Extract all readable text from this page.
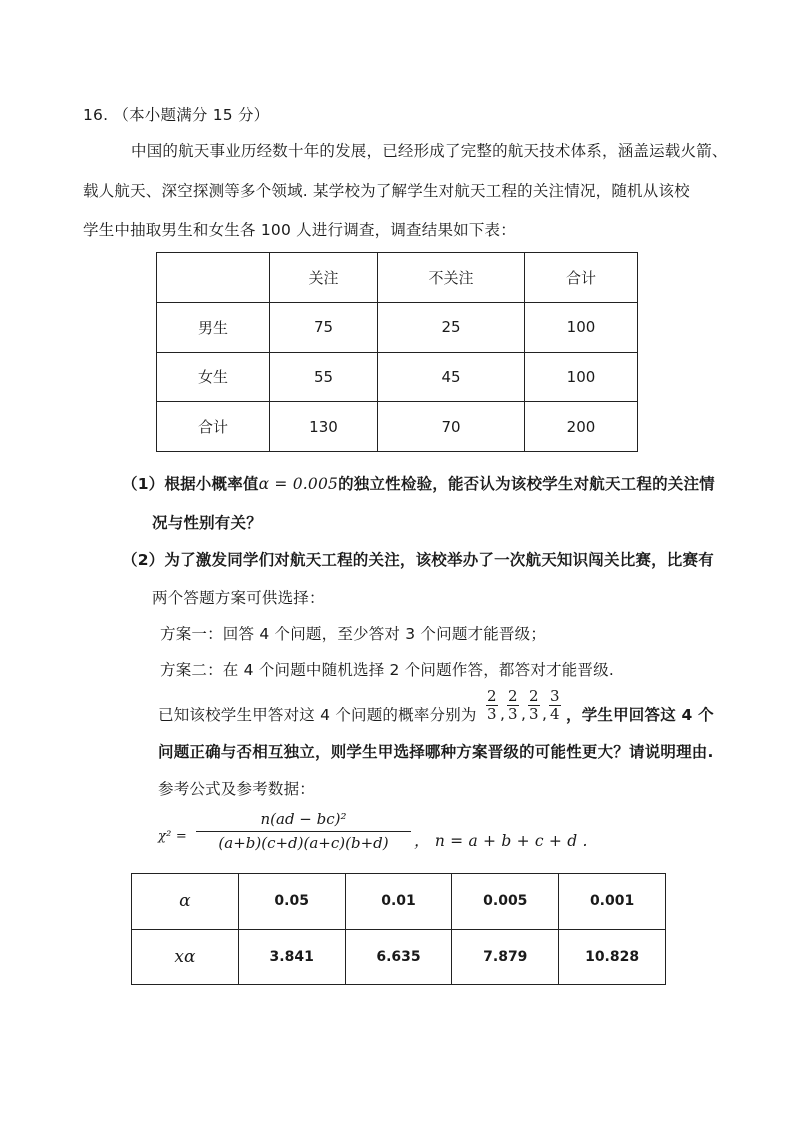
16. （本小题满分 15 分）
中国的航天事业历经数十年的发展，已经形成了完整的航天技术体系，涵盖运载火箭、
载人航天、深空探测等多个领域. 某学校为了解学生对航天工程的关注情况，随机从该校
学生中抽取男生和女生各 100 人进行调查，调查结果如下表：
	关注	不关注	合计
男生	75	25	100
女生	55	45	100
合计	130	70	200
（1）根据小概率值α = 0.005的独立性检验，能否认为该校学生对航天工程的关注情
况与性别有关？
（2）为了激发同学们对航天工程的关注，该校举办了一次航天知识闯关比赛，比赛有
两个答题方案可供选择：
方案一：回答 4 个问题，至少答对 3 个问题才能晋级；
方案二：在 4 个问题中随机选择 2 个问题作答，都答对才能晋级.
已知该校学生甲答对这 4 个问题的概率分别为 $\frac{2}{3}$ , $\frac{2}{3}$ , $\frac{2}{3}$ , $\frac{3}{4}$ ，学生甲回答这 4 个
问题正确与否相互独立，则学生甲选择哪种方案晋级的可能性更大？请说明理由.
参考公式及参考数据：
$\chi^2 = \frac{\text{n(ad − bc)²}}{(a+b)(c+d)(a+c)(b+d)}$ ， n = a + b + c + d .
α	0.05	0.01	0.005	0.001
xα	3.841	6.635	7.879	10.828
